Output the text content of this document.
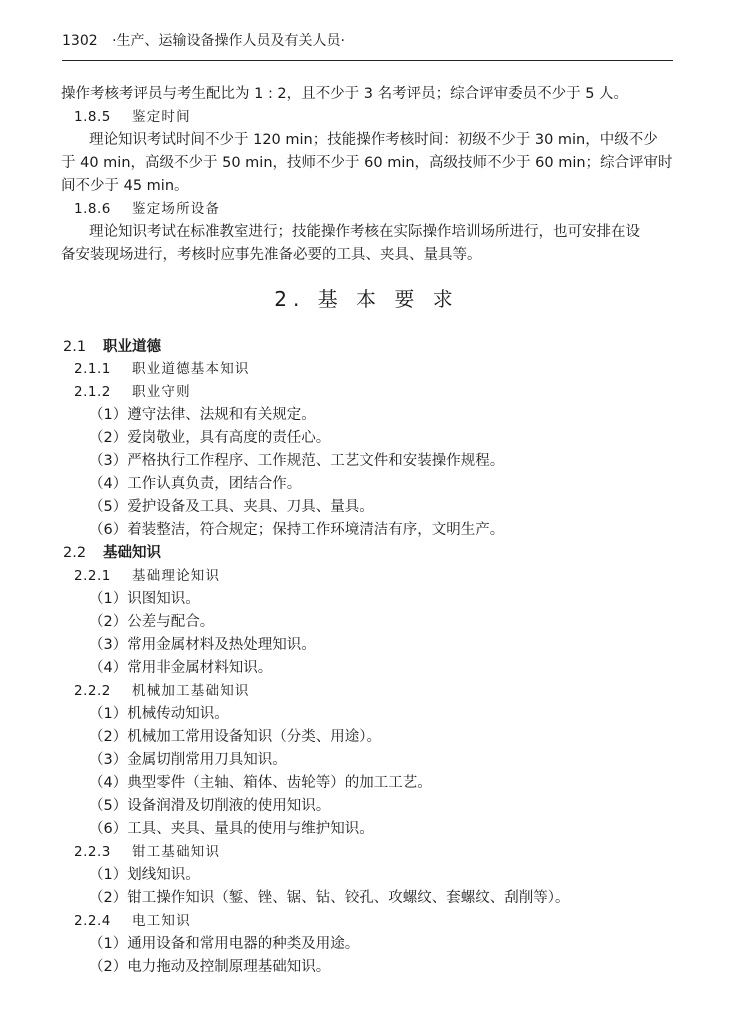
1302 ·生产、运输设备操作人员及有关人员·
操作考核考评员与考生配比为 1 : 2，且不少于 3 名考评员；综合评审委员不少于 5 人。
1.8.5 鉴定时间
理论知识考试时间不少于 120 min；技能操作考核时间：初级不少于 30 min，中级不少
于 40 min，高级不少于 50 min，技师不少于 60 min，高级技师不少于 60 min；综合评审时
间不少于 45 min。
1.8.6 鉴定场所设备
理论知识考试在标准教室进行；技能操作考核在实际操作培训场所进行，也可安排在设
备安装现场进行，考核时应事先准备必要的工具、夹具、量具等。
2. 基 本 要 求
2.1 职业道德
2.1.1 职业道德基本知识
2.1.2 职业守则
（1）遵守法律、法规和有关规定。
（2）爱岗敬业，具有高度的责任心。
（3）严格执行工作程序、工作规范、工艺文件和安装操作规程。
（4）工作认真负责，团结合作。
（5）爱护设备及工具、夹具、刀具、量具。
（6）着装整洁，符合规定；保持工作环境清洁有序，文明生产。
2.2 基础知识
2.2.1 基础理论知识
（1）识图知识。
（2）公差与配合。
（3）常用金属材料及热处理知识。
（4）常用非金属材料知识。
2.2.2 机械加工基础知识
（1）机械传动知识。
（2）机械加工常用设备知识（分类、用途）。
（3）金属切削常用刀具知识。
（4）典型零件（主轴、箱体、齿轮等）的加工工艺。
（5）设备润滑及切削液的使用知识。
（6）工具、夹具、量具的使用与维护知识。
2.2.3 钳工基础知识
（1）划线知识。
（2）钳工操作知识（錾、锉、锯、钻、铰孔、攻螺纹、套螺纹、刮削等）。
2.2.4 电工知识
（1）通用设备和常用电器的种类及用途。
（2）电力拖动及控制原理基础知识。
